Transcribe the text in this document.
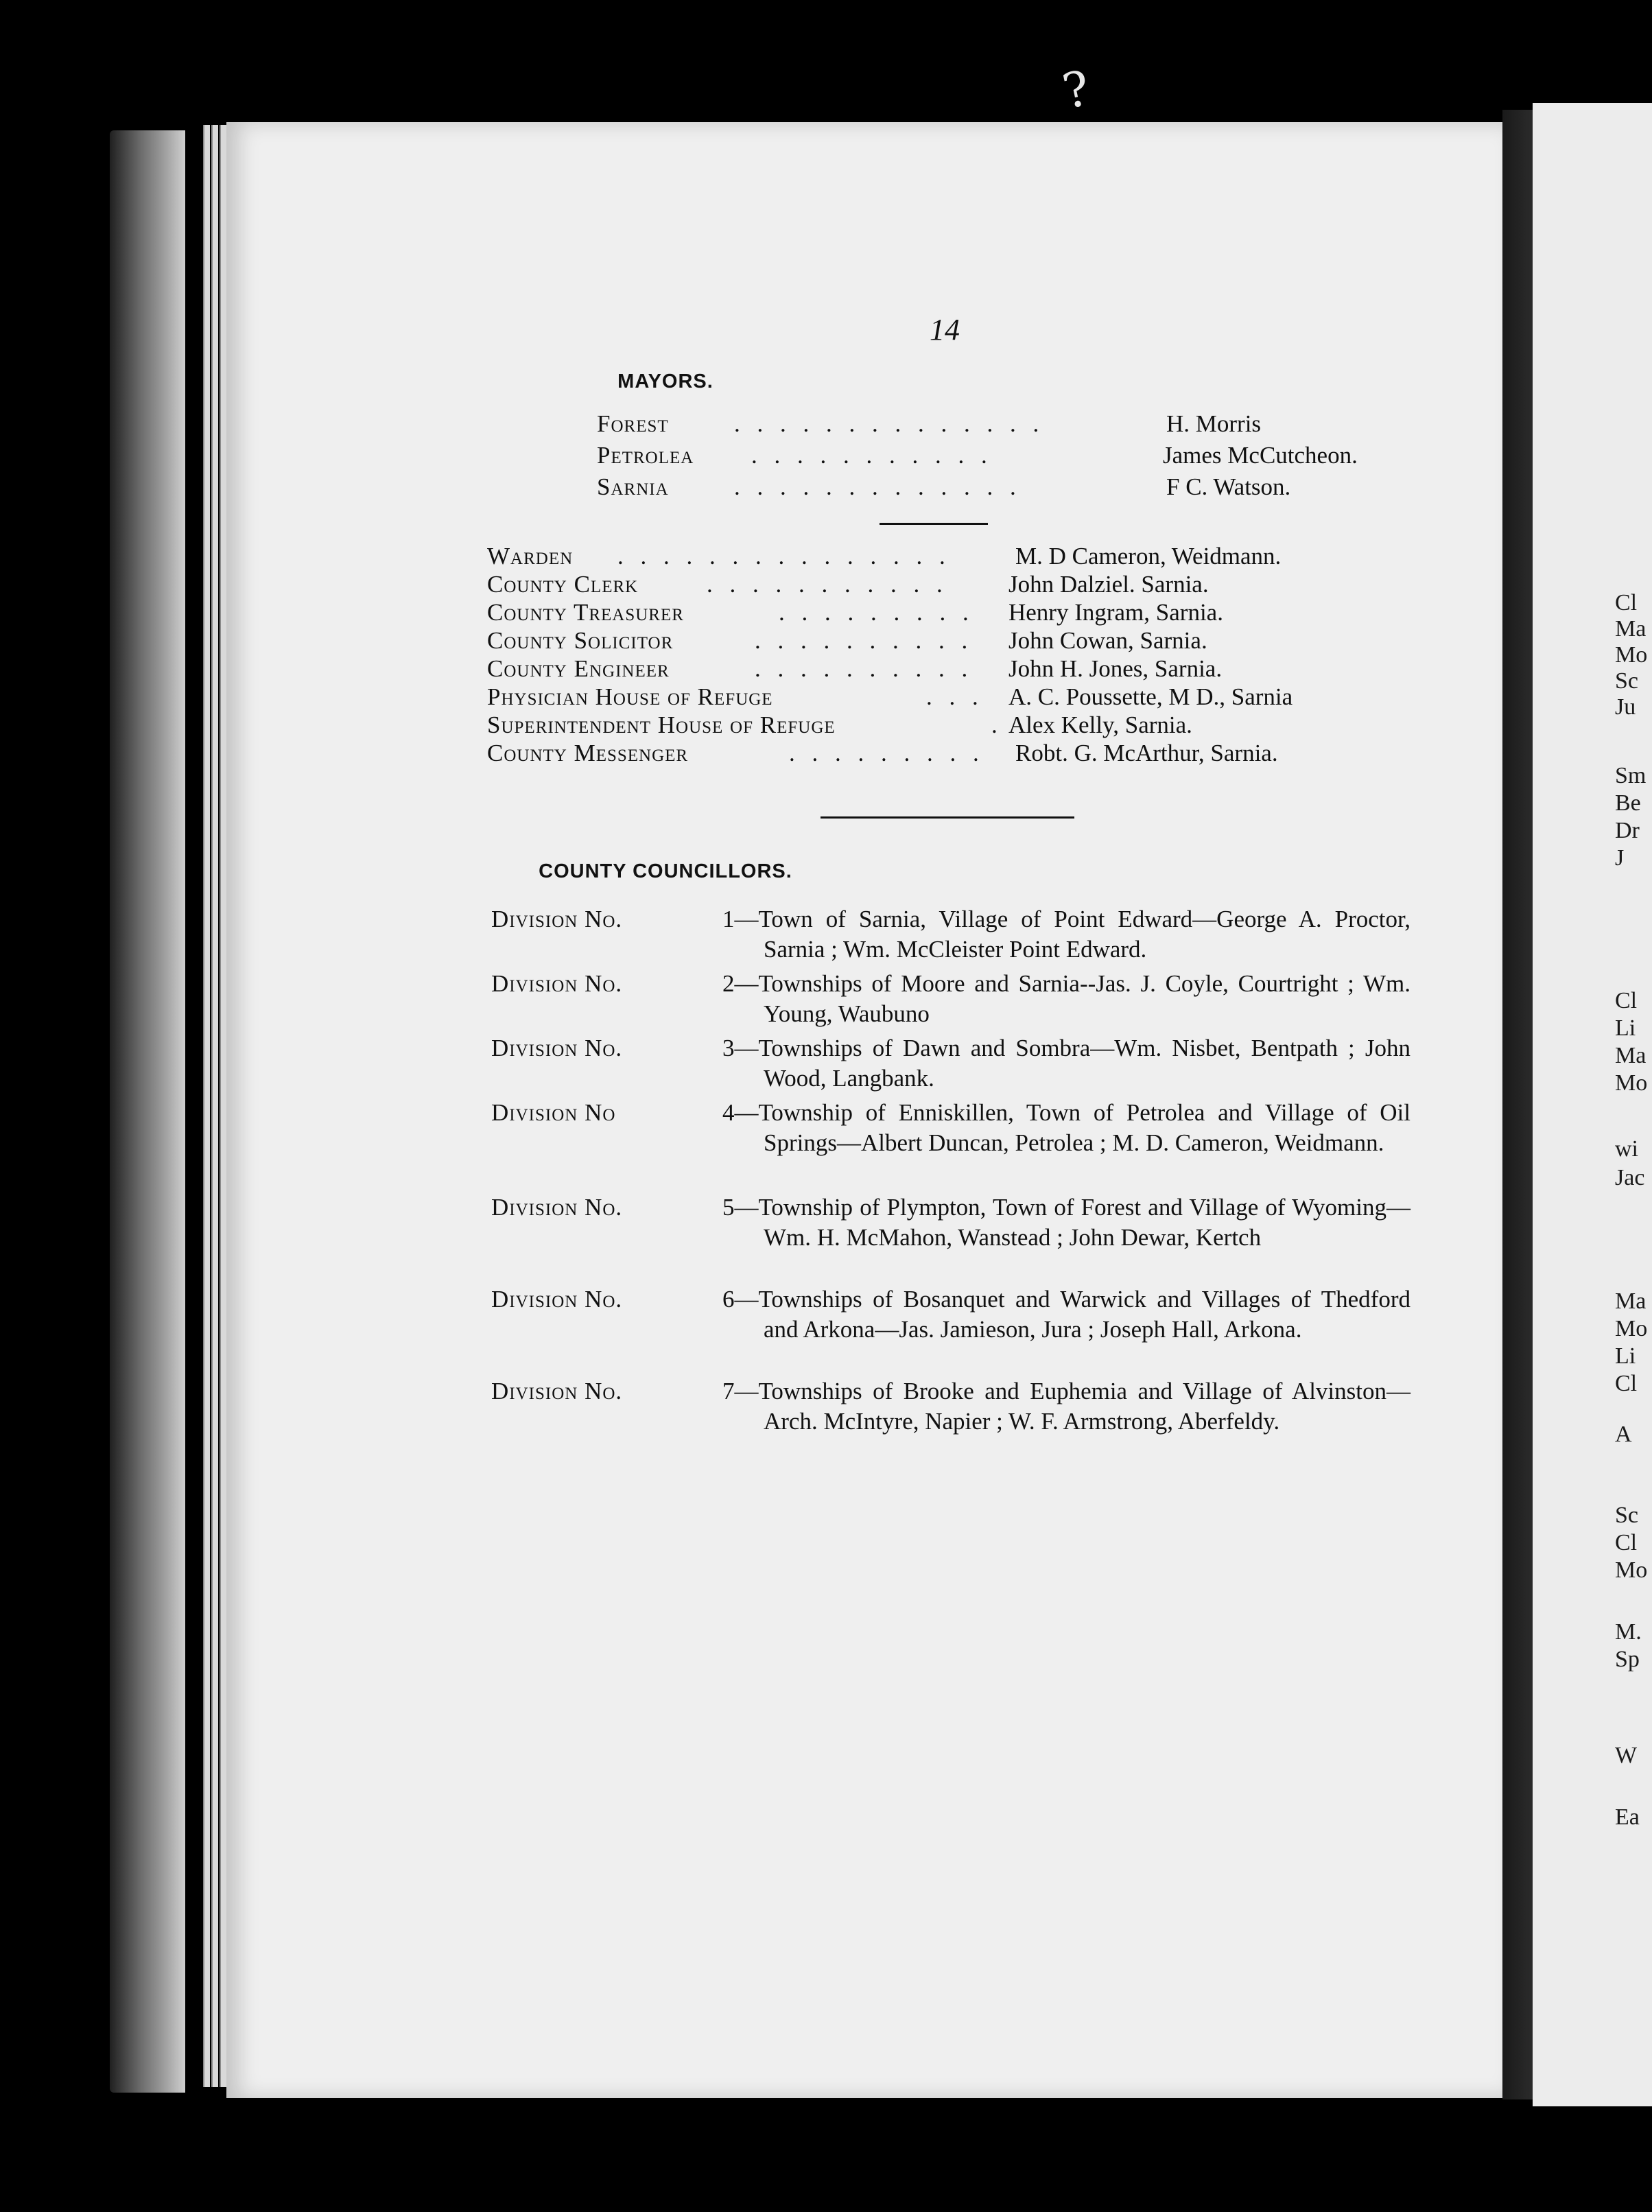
?
14
MAYORS.
Forest	. . . . . . . . . . . . . .	H. Morris
Petrolea . . . . . . . . . . .	James McCutcheon.
Sarnia	. . . . . . . . . . . . .	F C. Watson.
Warden . . . . . . . . . . . . . . .	M. D Cameron, Weidmann.
County Clerk	. . . . . . . . . . .	John Dalziel. Sarnia.
County Treasurer	. . . . . . . . . Henry Ingram, Sarnia.
County Solicitor	. . . . . . . . . . John Cowan, Sarnia.
County Engineer	. . . . . . . . . . John H. Jones, Sarnia.
Physician House of Refuge	. . . A. C. Poussette, M D., Sarnia
Superintendent House of Refuge	. Alex Kelly, Sarnia.
County Messenger	. . . . . . . . . Robt. G. McArthur, Sarnia.
COUNTY COUNCILLORS.
Division No.	1—Town of Sarnia, Village of Point Edward—George A. Proctor, Sarnia ; Wm. McCleister Point Edward.
Division No.	2—Townships of Moore and Sarnia--Jas. J. Coyle, Courtright ; Wm. Young, Waubuno
Division No.	3—Townships of Dawn and Sombra—Wm. Nisbet, Bentpath ; John Wood, Langbank.
Division No	4—Township of Enniskillen, Town of Petrolea and Village of Oil Springs—Albert Duncan, Petrolea ; M. D. Cameron, Weidmann.
Division No.	5—Township of Plympton, Town of Forest and Village of Wyoming—Wm. H. McMahon, Wanstead ; John Dewar, Kertch
Division No.	6—Townships of Bosanquet and Warwick and Villages of Thedford and Arkona—Jas. Jamieson, Jura ; Joseph Hall, Arkona.
Division No.	7—Townships of Brooke and Euphemia and Village of Alvinston—Arch. McIntyre, Napier ; W. F. Armstrong, Aberfeldy.
Cl
Ma
Mo
Sc
Ju
Sm
Be
Dr
J
Cl
Li
Ma
Mo
wi
Jac
Ma
Mo
Li
Cl
A
Sc
Cl
Mo
M.
Sp
W
Ea
